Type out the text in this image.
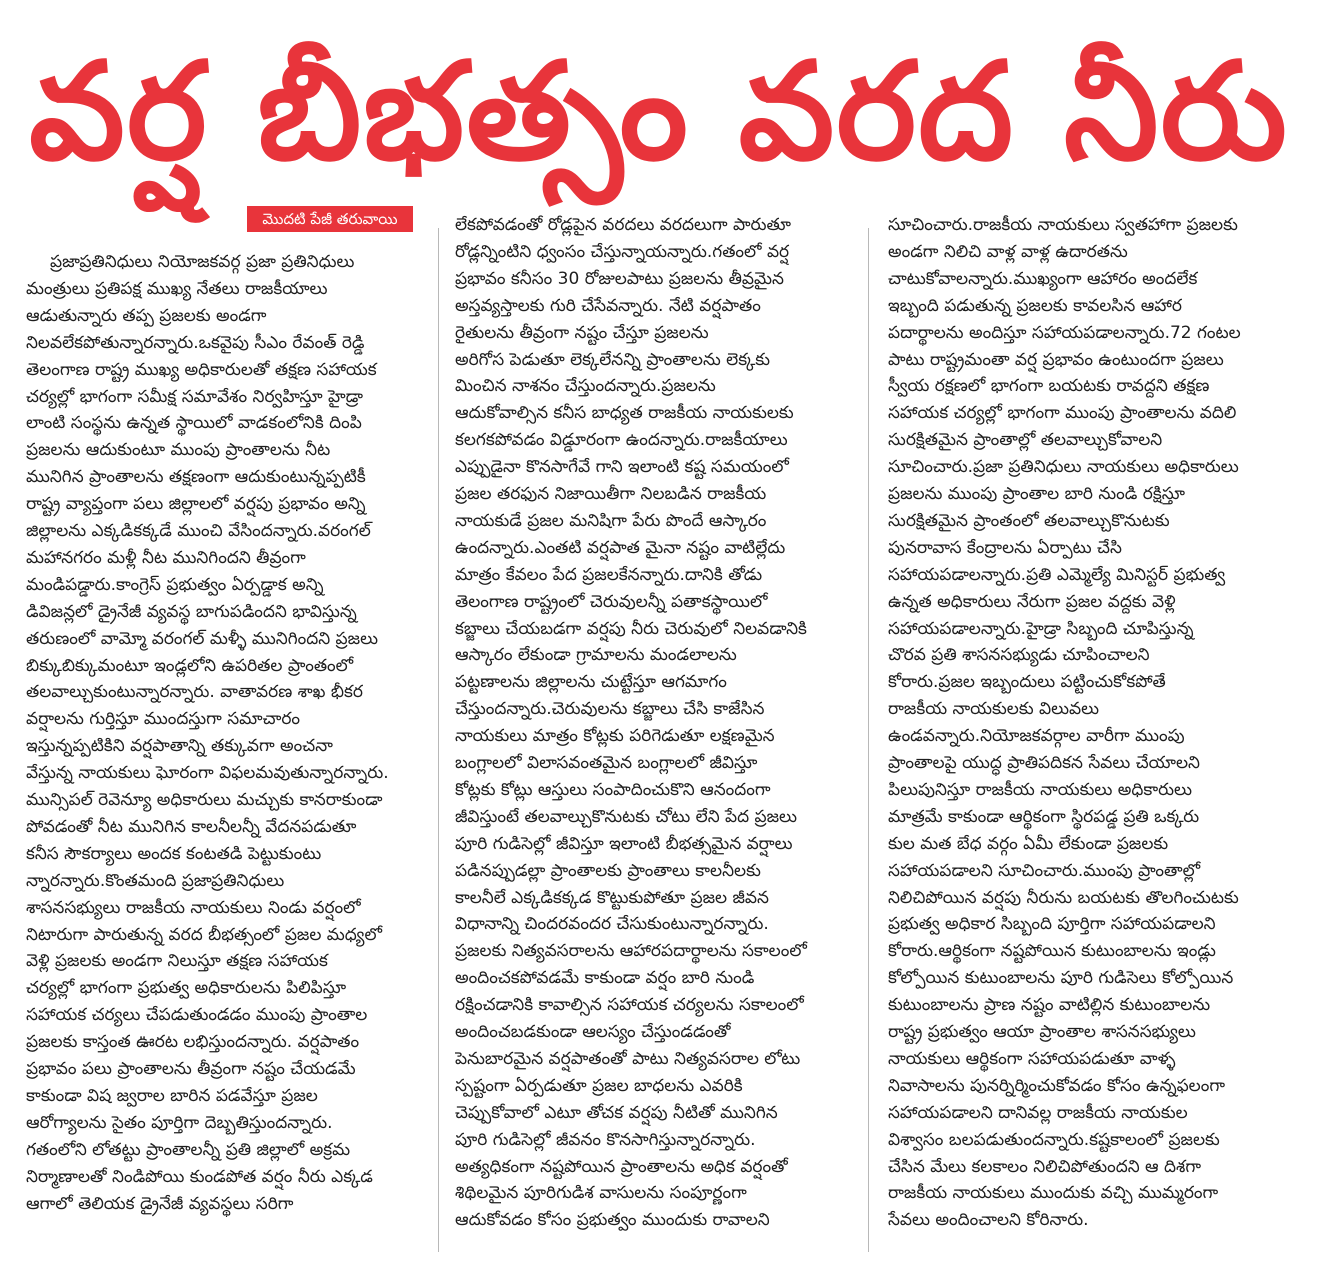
వర్ష బీభత్సం వరద నీరు
మొదటి పేజీ తరువాయి
ప్రజాప్రతినిధులు నియోజకవర్గ ప్రజా ప్రతినిధులు
మంత్రులు ప్రతిపక్ష ముఖ్య నేతలు రాజకీయాలు
ఆడుతున్నారు తప్ప ప్రజలకు అండగా
నిలవలేకపోతున్నారన్నారు.ఒకవైపు సీఎం రేవంత్ రెడ్డి
తెలంగాణ రాష్ట్ర ముఖ్య అధికారులతో తక్షణ సహాయక
చర్యల్లో భాగంగా సమీక్ష సమావేశం నిర్వహిస్తూ హైడ్రా
లాంటి సంస్థను ఉన్నత స్థాయిలో వాడకంలోనికి దింపి
ప్రజలను ఆదుకుంటూ ముంపు ప్రాంతాలను నీట
మునిగిన ప్రాంతాలను తక్షణంగా ఆదుకుంటున్నప్పటికీ
రాష్ట్ర వ్యాప్తంగా పలు జిల్లాలలో వర్షపు ప్రభావం అన్ని
జిల్లాలను ఎక్కడికక్కడే ముంచి వేసిందన్నారు.వరంగల్
మహానగరం మళ్లీ నీట మునిగిందని తీవ్రంగా
మండిపడ్డారు.కాంగ్రెస్ ప్రభుత్వం ఏర్పడ్డాక అన్ని
డివిజన్లలో డ్రైనేజీ వ్యవస్థ బాగుపడిందని భావిస్తున్న
తరుణంలో వామ్మో వరంగల్ మళ్ళీ మునిగిందని ప్రజలు
బిక్కుబిక్కుమంటూ ఇండ్లలోని ఉపరితల ప్రాంతంలో
తలవాల్చుకుంటున్నారన్నారు. వాతావరణ శాఖ భీకర
వర్షాలను గుర్తిస్తూ ముందస్తుగా సమాచారం
ఇస్తున్నప్పటికిని వర్షపాతాన్ని తక్కువగా అంచనా
వేస్తున్న నాయకులు ఘోరంగా విఫలమవుతున్నారన్నారు.
మున్సిపల్ రెవెన్యూ అధికారులు మచ్చుకు కానరాకుండా
పోవడంతో నీట మునిగిన కాలనీలన్నీ వేదనపడుతూ
కనీస సౌకర్యాలు అందక కంటతడి పెట్టుకుంటు
న్నారన్నారు.కొంతమంది ప్రజాప్రతినిధులు
శాసనసభ్యులు రాజకీయ నాయకులు నిండు వర్షంలో
నిటారుగా పారుతున్న వరద బీభత్సంలో ప్రజల మధ్యలో
వెళ్లి ప్రజలకు అండగా నిలుస్తూ తక్షణ సహాయక
చర్యల్లో భాగంగా ప్రభుత్వ అధికారులను పిలిపిస్తూ
సహాయక చర్యలు చేపడుతుండడం ముంపు ప్రాంతాల
ప్రజలకు కాస్తంత ఊరట లభిస్తుందన్నారు. వర్షపాతం
ప్రభావం పలు ప్రాంతాలను తీవ్రంగా నష్టం చేయడమే
కాకుండా విష జ్వరాల బారిన పడవేస్తూ ప్రజల
ఆరోగ్యాలను సైతం పూర్తిగా దెబ్బతిస్తుందన్నారు.
గతంలోని లోతట్టు ప్రాంతాలన్నీ ప్రతి జిల్లాలో అక్రమ
నిర్మాణాలతో నిండిపోయి కుండపోత వర్షం నీరు ఎక్కడ
ఆగాలో తెలియక డ్రైనేజీ వ్యవస్థలు సరిగా
లేకపోవడంతో రోడ్లపైన వరదలు వరదలుగా పారుతూ
రోడ్లన్నింటిని ధ్వంసం చేస్తున్నాయన్నారు.గతంలో వర్ష
ప్రభావం కనీసం 30 రోజులపాటు ప్రజలను తీవ్రమైన
అస్తవ్యస్తాలకు గురి చేసేవన్నారు. నేటి వర్షపాతం
రైతులను తీవ్రంగా నష్టం చేస్తూ ప్రజలను
అరిగోస పెడుతూ లెక్కలేనన్ని ప్రాంతాలను లెక్కకు
మించిన నాశనం చేస్తుందన్నారు.ప్రజలను
ఆదుకోవాల్సిన కనీస బాధ్యత రాజకీయ నాయకులకు
కలగకపోవడం విడ్డూరంగా ఉందన్నారు.రాజకీయాలు
ఎప్పుడైనా కొనసాగేవే గాని ఇలాంటి కష్ట సమయంలో
ప్రజల తరఫున నిజాయితీగా నిలబడిన రాజకీయ
నాయకుడే ప్రజల మనిషిగా పేరు పొందే ఆస్కారం
ఉందన్నారు.ఎంతటి వర్షపాత మైనా నష్టం వాటిల్లేదు
మాత్రం కేవలం పేద ప్రజలకేనన్నారు.దానికి తోడు
తెలంగాణ రాష్ట్రంలో చెరువులన్నీ పతాకస్థాయిలో
కబ్జాలు చేయబడగా వర్షపు నీరు చెరువులో నిలవడానికి
ఆస్కారం లేకుండా గ్రామాలను మండలాలను
పట్టణాలను జిల్లాలను చుట్టేస్తూ ఆగమాగం
చేస్తుందన్నారు.చెరువులను కబ్జాలు చేసి కాజేసిన
నాయకులు మాత్రం కోట్లకు పరిగెడుతూ లక్షణమైన
బంగ్లాలలో విలాసవంతమైన బంగ్లాలలో జీవిస్తూ
కోట్లకు కోట్లు ఆస్తులు సంపాదించుకొని ఆనందంగా
జీవిస్తుంటే తలవాల్చుకొనుటకు చోటు లేని పేద ప్రజలు
పూరి గుడిసెల్లో జీవిస్తూ ఇలాంటి బీభత్సమైన వర్షాలు
పడినప్పుడల్లా ప్రాంతాలకు ప్రాంతాలు కాలనీలకు
కాలనీలే ఎక్కడికక్కడ కొట్టుకుపోతూ ప్రజల జీవన
విధానాన్ని చిందరవందర చేసుకుంటున్నారన్నారు.
ప్రజలకు నిత్యవసరాలను ఆహారపదార్థాలను సకాలంలో
అందించకపోవడమే కాకుండా వర్షం బారి నుండి
రక్షించడానికి కావాల్సిన సహాయక చర్యలను సకాలంలో
అందించబడకుండా ఆలస్యం చేస్తుండడంతో
పెనుబారమైన వర్షపాతంతో పాటు నిత్యవసరాల లోటు
స్పష్టంగా ఏర్పడుతూ ప్రజల బాధలను ఎవరికి
చెప్పుకోవాలో ఎటూ తోచక వర్షపు నీటితో మునిగిన
పూరి గుడిసెల్లో జీవనం కొనసాగిస్తున్నారన్నారు.
అత్యధికంగా నష్టపోయిన ప్రాంతాలను అధిక వర్షంతో
శిథిలమైన పూరిగుడిశ వాసులను సంపూర్ణంగా
ఆదుకోవడం కోసం ప్రభుత్వం ముందుకు రావాలని
సూచించారు.రాజకీయ నాయకులు స్వతహాగా ప్రజలకు
అండగా నిలిచి వాళ్ల వాళ్ల ఉదారతను
చాటుకోవాలన్నారు.ముఖ్యంగా ఆహారం అందలేక
ఇబ్బంది పడుతున్న ప్రజలకు కావలసిన ఆహార
పదార్థాలను అందిస్తూ సహాయపడాలన్నారు.72 గంటల
పాటు రాష్ట్రమంతా వర్ష ప్రభావం ఉంటుందగా ప్రజలు
స్వీయ రక్షణలో భాగంగా బయటకు రావద్దని తక్షణ
సహాయక చర్యల్లో భాగంగా ముంపు ప్రాంతాలను వదిలి
సురక్షితమైన ప్రాంతాల్లో తలవాల్చుకోవాలని
సూచించారు.ప్రజా ప్రతినిధులు నాయకులు అధికారులు
ప్రజలను ముంపు ప్రాంతాల బారి నుండి రక్షిస్తూ
సురక్షితమైన ప్రాంతంలో తలవాల్చుకొనుటకు
పునరావాస కేంద్రాలను ఏర్పాటు చేసి
సహాయపడాలన్నారు.ప్రతి ఎమ్మెల్యే మినిస్టర్ ప్రభుత్వ
ఉన్నత అధికారులు నేరుగా ప్రజల వద్దకు వెళ్లి
సహాయపడాలన్నారు.హైడ్రా సిబ్బంది చూపిస్తున్న
చొరవ ప్రతి శాసనసభ్యుడు చూపించాలని
కోరారు.ప్రజల ఇబ్బందులు పట్టించుకోకపోతే
రాజకీయ నాయకులకు విలువలు
ఉండవన్నారు.నియోజకవర్గాల వారీగా ముంపు
ప్రాంతాలపై యుద్ధ ప్రాతిపదికన సేవలు చేయాలని
పిలుపునిస్తూ రాజకీయ నాయకులు అధికారులు
మాత్రమే కాకుండా ఆర్థికంగా స్థిరపడ్డ ప్రతి ఒక్కరు
కుల మత బేధ వర్గం ఏమీ లేకుండా ప్రజలకు
సహాయపడాలని సూచించారు.ముంపు ప్రాంతాల్లో
నిలిచిపోయిన వర్షపు నీరును బయటకు తొలగించుటకు
ప్రభుత్వ అధికార సిబ్బంది పూర్తిగా సహాయపడాలని
కోరారు.ఆర్థికంగా నష్టపోయిన కుటుంబాలను ఇండ్లు
కోల్పోయిన కుటుంబాలను పూరి గుడిసెలు కోల్పోయిన
కుటుంబాలను ప్రాణ నష్టం వాటిల్లిన కుటుంబాలను
రాష్ట్ర ప్రభుత్వం ఆయా ప్రాంతాల శాసనసభ్యులు
నాయకులు ఆర్థికంగా సహాయపడుతూ వాళ్ళ
నివాసాలను పునర్నిర్మించుకోవడం కోసం ఉన్నఫలంగా
సహాయపడాలని దానివల్ల రాజకీయ నాయకుల
విశ్వాసం బలపడుతుందన్నారు.కష్టకాలంలో ప్రజలకు
చేసిన మేలు కలకాలం నిలిచిపోతుందని ఆ దిశగా
రాజకీయ నాయకులు ముందుకు వచ్చి ముమ్మరంగా
సేవలు అందించాలని కోరినారు.
